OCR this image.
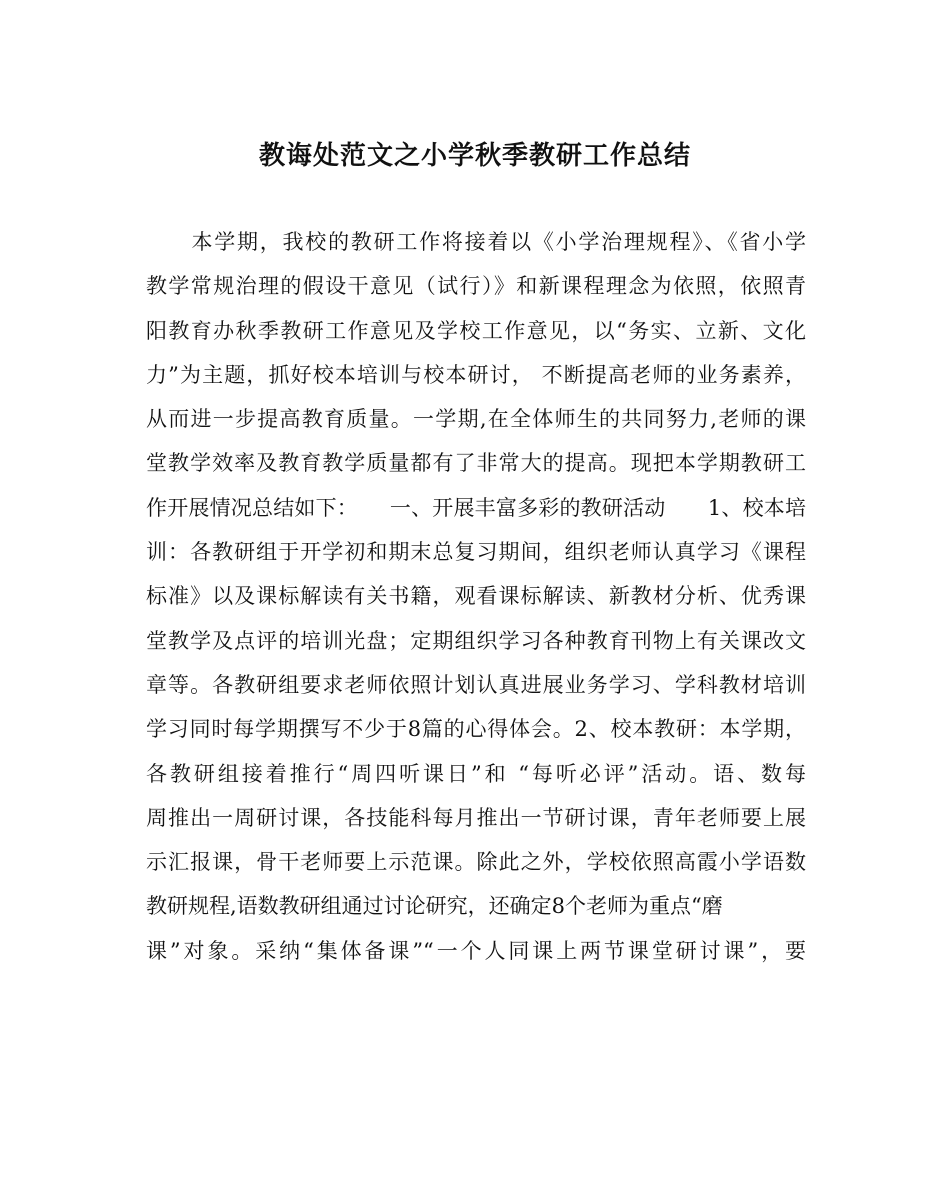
教诲处范文之小学秋季教研工作总结
　　本学期，我校的教研工作将接着以《小学治理规程》、《省小学
教学常规治理的假设干意见（试行）》和新课程理念为依照，依照青
阳教育办秋季教研工作意见及学校工作意见，以“务实、立新、文化
力”为主题，抓好校本培训与校本研讨， 不断提高老师的业务素养，
从而进一步提高教育质量。一学期,在全体师生的共同努力,老师的课
堂教学效率及教育教学质量都有了非常大的提高。现把本学期教研工
作开展情况总结如下：　　一、开展丰富多彩的教研活动　　1、校本培
训：各教研组于开学初和期末总复习期间，组织老师认真学习《课程
标准》以及课标解读有关书籍，观看课标解读、新教材分析、优秀课
堂教学及点评的培训光盘；定期组织学习各种教育刊物上有关课改文
章等。各教研组要求老师依照计划认真进展业务学习、学科教材培训
学习同时每学期撰写不少于8篇的心得体会。2、校本教研：本学期，
各教研组接着推行“周四听课日”和 “每听必评”活动。语、数每
周推出一周研讨课，各技能科每月推出一节研讨课，青年老师要上展
示汇报课，骨干老师要上示范课。除此之外，学校依照高霞小学语数
教研规程,语数教研组通过讨论研究，还确定8个老师为重点“磨
课”对象。采纳“集体备课”“一个人同课上两节课堂研讨课”，要
